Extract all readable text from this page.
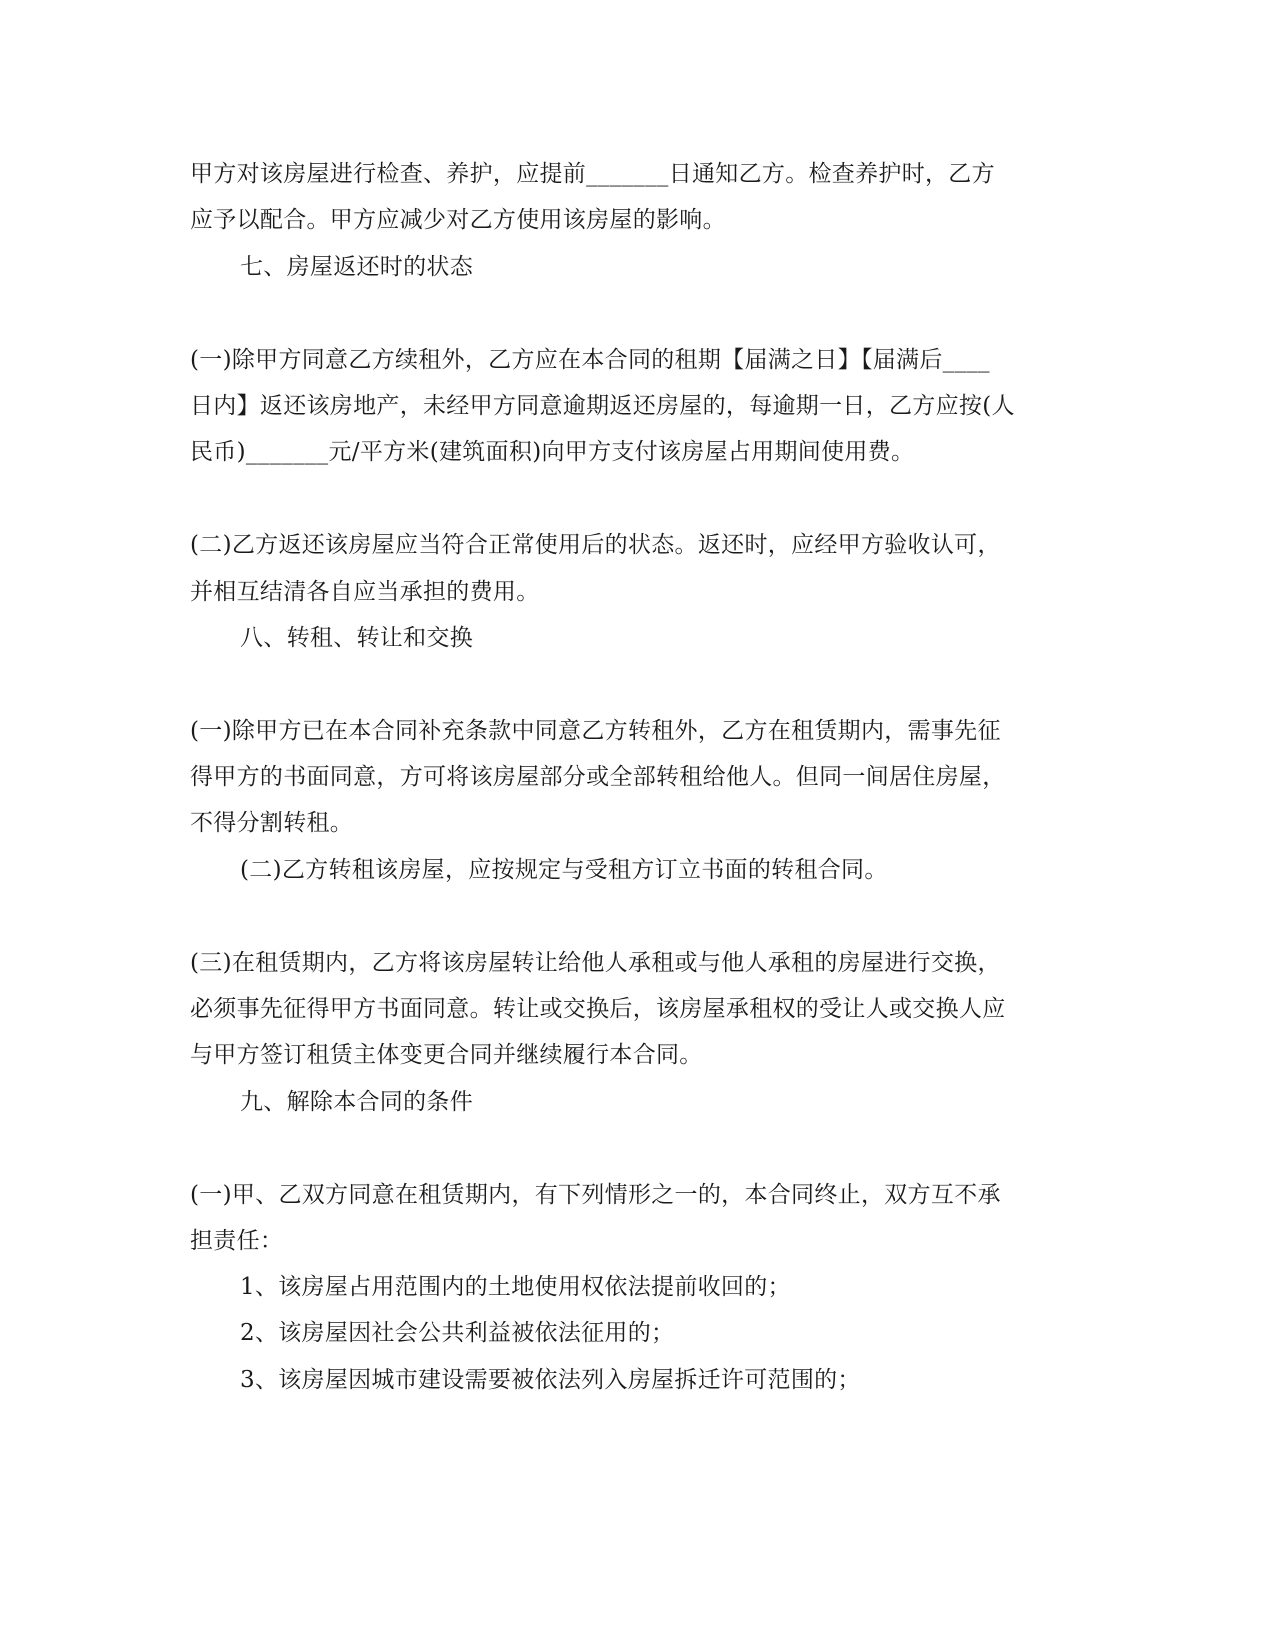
甲方对该房屋进行检查、养护，应提前_______日通知乙方。检查养护时，乙方
应予以配合。甲方应减少对乙方使用该房屋的影响。
七、房屋返还时的状态
(一)除甲方同意乙方续租外，乙方应在本合同的租期【届满之日】【届满后____
日内】返还该房地产，未经甲方同意逾期返还房屋的，每逾期一日，乙方应按(人
民币)_______元/平方米(建筑面积)向甲方支付该房屋占用期间使用费。
(二)乙方返还该房屋应当符合正常使用后的状态。返还时，应经甲方验收认可，
并相互结清各自应当承担的费用。
八、转租、转让和交换
(一)除甲方已在本合同补充条款中同意乙方转租外，乙方在租赁期内，需事先征
得甲方的书面同意，方可将该房屋部分或全部转租给他人。但同一间居住房屋，
不得分割转租。
(二)乙方转租该房屋，应按规定与受租方订立书面的转租合同。
(三)在租赁期内，乙方将该房屋转让给他人承租或与他人承租的房屋进行交换，
必须事先征得甲方书面同意。转让或交换后，该房屋承租权的受让人或交换人应
与甲方签订租赁主体变更合同并继续履行本合同。
九、解除本合同的条件
(一)甲、乙双方同意在租赁期内，有下列情形之一的，本合同终止，双方互不承
担责任：
1、该房屋占用范围内的土地使用权依法提前收回的；
2、该房屋因社会公共利益被依法征用的；
3、该房屋因城市建设需要被依法列入房屋拆迁许可范围的；
